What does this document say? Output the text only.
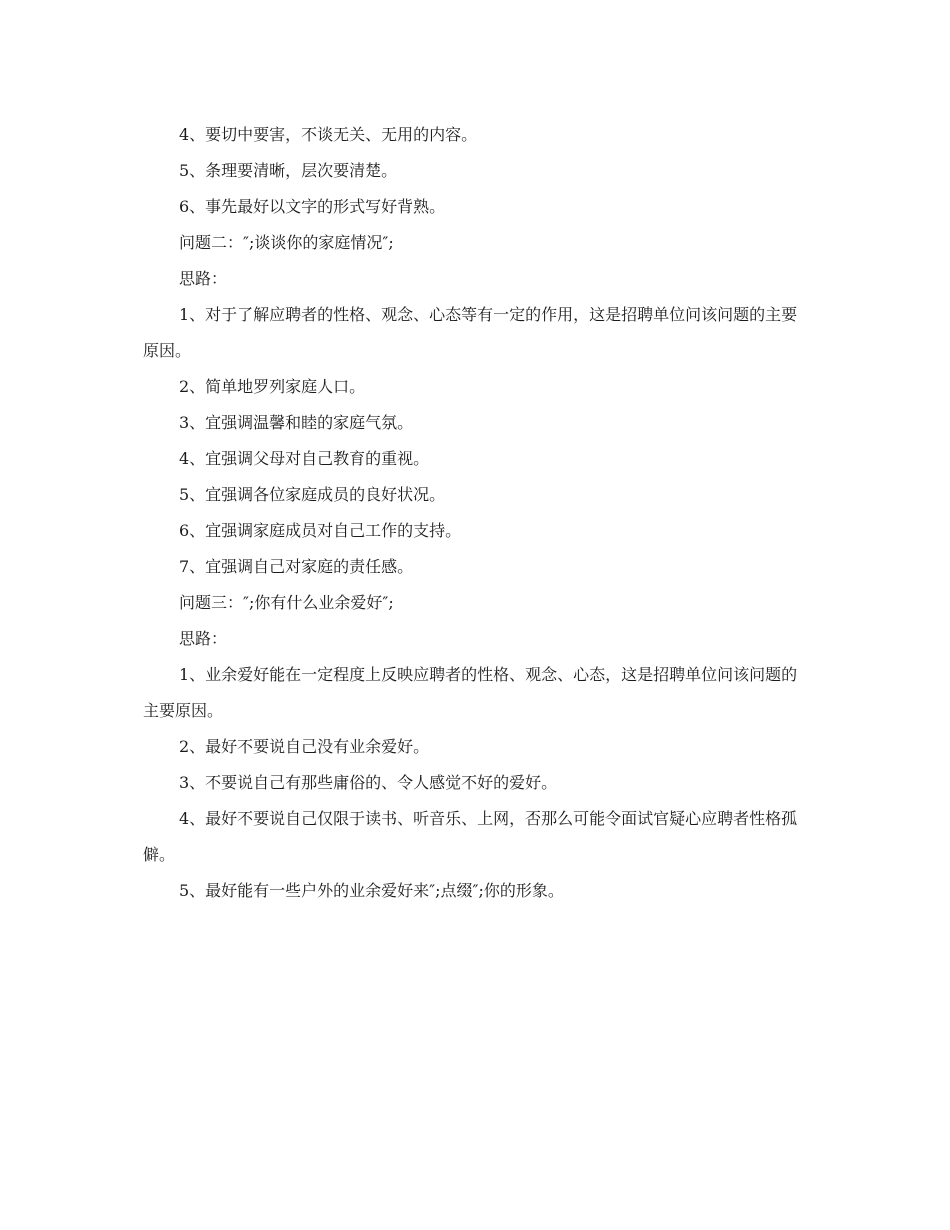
4、要切中要害，不谈无关、无用的内容。

5、条理要清晰，层次要清楚。

6、事先最好以文字的形式写好背熟。

问题二：″;谈谈你的家庭情况″;

思路：

1、对于了解应聘者的性格、观念、心态等有一定的作用，这是招聘单位问该问题的主要原因。

2、简单地罗列家庭人口。

3、宜强调温馨和睦的家庭气氛。

4、宜强调父母对自己教育的重视。

5、宜强调各位家庭成员的良好状况。

6、宜强调家庭成员对自己工作的支持。

7、宜强调自己对家庭的责任感。

问题三：″;你有什么业余爱好″;

思路：

1、业余爱好能在一定程度上反映应聘者的性格、观念、心态，这是招聘单位问该问题的主要原因。

2、最好不要说自己没有业余爱好。

3、不要说自己有那些庸俗的、令人感觉不好的爱好。

4、最好不要说自己仅限于读书、听音乐、上网，否那么可能令面试官疑心应聘者性格孤僻。

5、最好能有一些户外的业余爱好来″;点缀″;你的形象。
